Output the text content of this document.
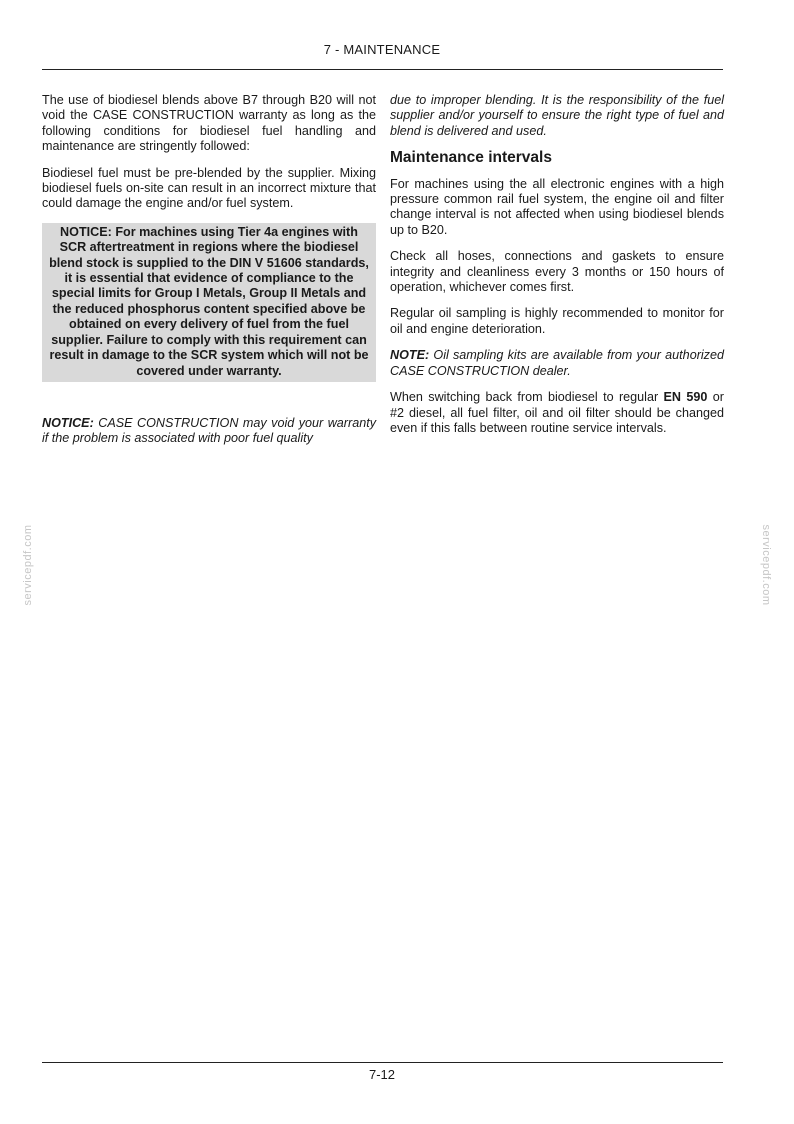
7 - MAINTENANCE

The use of biodiesel blends above B7 through B20 will not void the CASE CONSTRUCTION warranty as long as the following conditions for biodiesel fuel handling and maintenance are stringently followed:

Biodiesel fuel must be pre-blended by the supplier. Mixing biodiesel fuels on-site can result in an incorrect mixture that could damage the engine and/or fuel system.

NOTICE: For machines using Tier 4a engines with SCR aftertreatment in regions where the biodiesel blend stock is supplied to the DIN V 51606 standards, it is essential that evidence of compliance to the special limits for Group I Metals, Group II Metals and the reduced phosphorus content specified above be obtained on every delivery of fuel from the fuel supplier. Failure to comply with this requirement can result in damage to the SCR system which will not be covered under warranty.

NOTICE: CASE CONSTRUCTION may void your warranty if the problem is associated with poor fuel quality

due to improper blending. It is the responsibility of the fuel supplier and/or yourself to ensure the right type of fuel and blend is delivered and used.

Maintenance intervals

For machines using the all electronic engines with a high pressure common rail fuel system, the engine oil and filter change interval is not affected when using biodiesel blends up to B20.

Check all hoses, connections and gaskets to ensure integrity and cleanliness every 3 months or 150 hours of operation, whichever comes first.

Regular oil sampling is highly recommended to monitor for oil and engine deterioration.

NOTE: Oil sampling kits are available from your authorized CASE CONSTRUCTION dealer.

When switching back from biodiesel to regular EN 590 or #2 diesel, all fuel filter, oil and oil filter should be changed even if this falls between routine service intervals.

servicepdf.com	servicepdf.com
7-12
